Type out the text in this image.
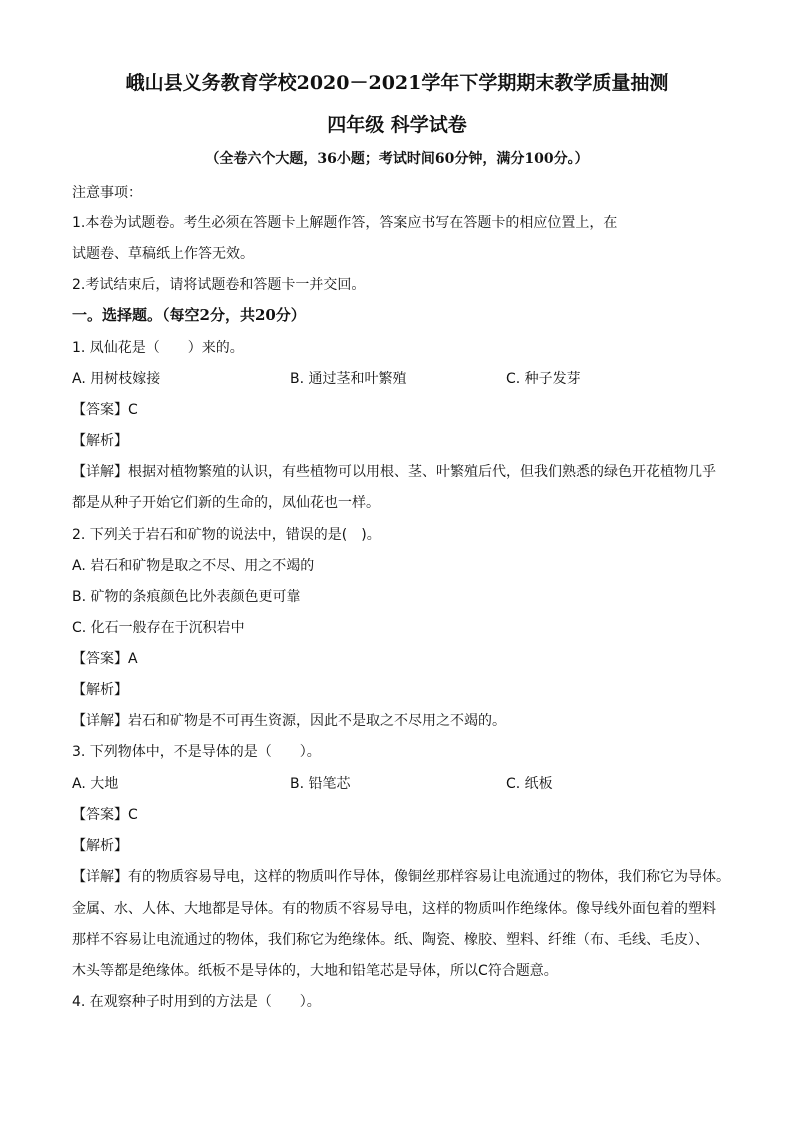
峨山县义务教育学校2020－2021学年下学期期末教学质量抽测
四年级 科学试卷
（全卷六个大题，36小题；考试时间60分钟，满分100分。）
注意事项：
1.本卷为试题卷。考生必须在答题卡上解题作答，答案应书写在答题卡的相应位置上，在
试题卷、草稿纸上作答无效。
2.考试结束后，请将试题卷和答题卡一并交回。
一。选择题。（每空2分，共20分）
1. 凤仙花是（　　）来的。
A. 用树枝嫁接	B. 通过茎和叶繁殖	C. 种子发芽
【答案】C
【解析】
【详解】根据对植物繁殖的认识，有些植物可以用根、茎、叶繁殖后代，但我们熟悉的绿色开花植物几乎
都是从种子开始它们新的生命的，凤仙花也一样。
2. 下列关于岩石和矿物的说法中，错误的是(　)。
A. 岩石和矿物是取之不尽、用之不竭的
B. 矿物的条痕颜色比外表颜色更可靠
C. 化石一般存在于沉积岩中
【答案】A
【解析】
【详解】岩石和矿物是不可再生资源，因此不是取之不尽用之不竭的。
3. 下列物体中，不是导体的是（　　）。
A. 大地	B. 铅笔芯	C. 纸板
【答案】C
【解析】
【详解】有的物质容易导电，这样的物质叫作导体，像铜丝那样容易让电流通过的物体，我们称它为导体。
金属、水、人体、大地都是导体。有的物质不容易导电，这样的物质叫作绝缘体。像导线外面包着的塑料
那样不容易让电流通过的物体，我们称它为绝缘体。纸、陶瓷、橡胶、塑料、纤维（布、毛线、毛皮）、
木头等都是绝缘体。纸板不是导体的，大地和铅笔芯是导体，所以C符合题意。
4. 在观察种子时用到的方法是（　　）。
